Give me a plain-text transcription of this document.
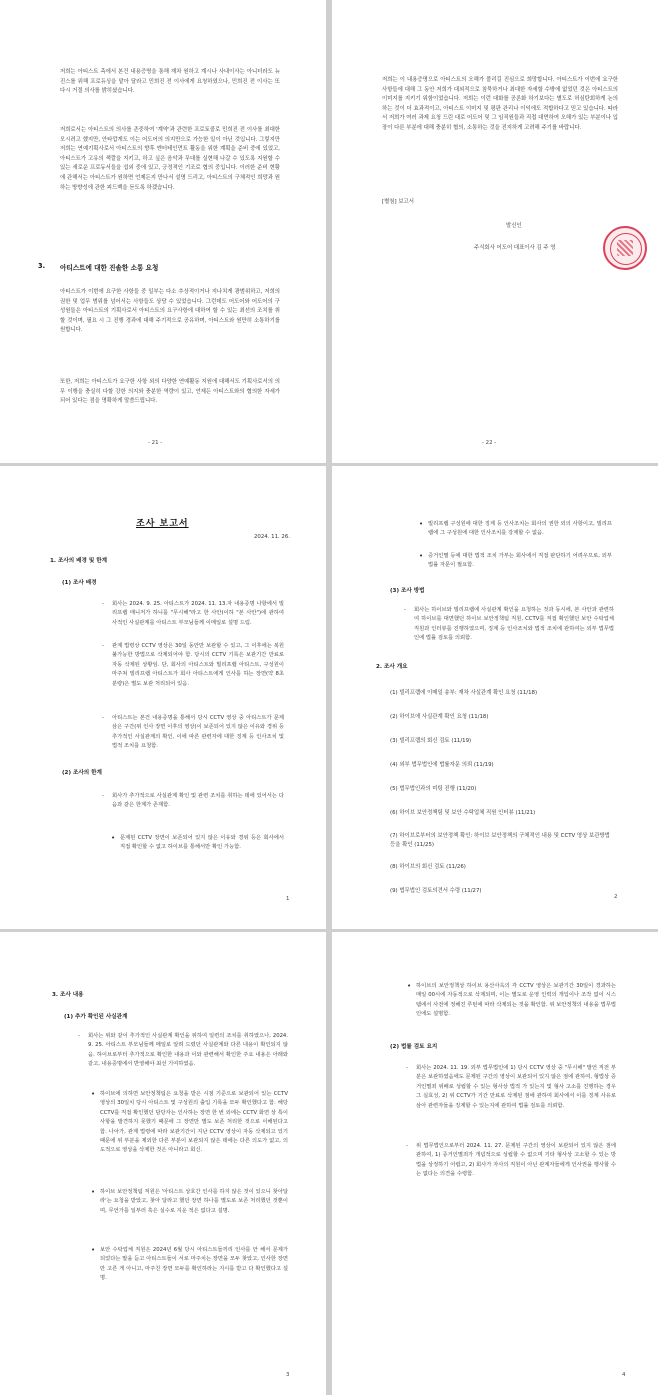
저희는 아티스트 측에서 본건 내용증명을 통해 재차 원하고 계시나 사내이사는 아니더라도 뉴진스를 위해 프로듀싱을 맡아 달라고 민희진 전 이사에게 요청하였으나, 민희진 전 이사는 또 다시 거절 의사를 밝히셨습니다.

저희로서는 아티스트의 의사를 존중하여 '계약'과 관련한 프로토콜로 민희진 전 이사를 최대한 모시려고 했지만, 안타깝게도 이는 어도어의 의지만으로 가능한 일이 아닌 것입니다. 그렇지만 저희는 연예기획사로서 아티스트의 향후 엔터테인먼트 활동을 위한 계획을 준비 중에 있었고, 아티스트가 고유의 색깔을 지키고, 하고 싶은 음악과 무대를 실현해 나갈 수 있도록 지원할 수 있는 새로운 프로듀서들을 섭외 중에 있고, 긍정적인 기조로 협의 중입니다. 이러한 준비 현황에 관해서는 아티스트가 원하면 언제든지 만나서 설명 드리고, 아티스트의 구체적인 희망과 원하는 방향성에 관한 피드백을 듣도록 하겠습니다.

3. 아티스트에 대한 진솔한 소통 요청

아티스트가 이번에 요구한 사항들 중 일부는 다소 추상적이거나 지나치게 광범위하고, 저희의 권한 및 업무 범위를 넘어서는 사항들도 상당 수 있었습니다. 그런데도 어도어와 어도어의 구성원들은 아티스트의 기획사로서 아티스트의 요구사항에 대하여 할 수 있는 최선의 조치를 취할 것이며, 필요 시 그 진행 경과에 대해 주기적으로 공유하며, 아티스트와 원만히 소통하기를 원합니다.

또한, 저희는 아티스트가 요구한 사항 외의 다양한 연예활동 지원에 대해서도 기획사로서의 의무 이행을 충실히 다할 강한 의지와 충분한 역량이 있고, 언제든 아티스트와의 협의한 자세가 되어 있다는 점을 명확하게 말씀드립니다.

- 21 -

저희는 이 내용증명으로 아티스트의 오해가 풀리길 진심으로 희망합니다. 아티스트가 이번에 요구한 사항들에 대해 그 동안 저희가 대외적으로 침묵하거나 최대한 자세할 수밖에 없었던 것은 아티스트의 이미지를 지키기 위함이었습니다. 저희는 이런 대화를 공론화 하기보다는 별도로 허심탄회하게 논의하는 것이 더 효과적이고, 아티스트 이미지 및 평판 관리나 이익에도 적합하다고 믿고 있습니다. 따라서 저희가 여러 과제 요청 드린 대로 어도어 및 그 임직원들과 직접 대면하여 오해가 있는 부분이나 입장이 다른 부분에 대해 충분히 협의, 소통하는 것을 진지하게 고려해 주기를 바랍니다.

[별첨] 보고서
발신인
주식회사 어도어 대표이사 김 주 영
- 22 -
조사 보고서
2024. 11. 26.
1. 조사의 배경 및 한계
(1) 조사 배경

- 회사는 2024. 9. 25. 아티스트가 2024. 11. 13.자 내용증명 나항에서 빌리프랩 매니저가 하니를 "무시해"라고 한 사안(이하 "본 사안")에 관하여 사적인 사실관계를 아티스트 부모님들께 이메일로 설명 드림.

- 관계 법령상 CCTV 영상은 30일 동안만 보관할 수 있고, 그 이후에는 복원 불가능한 방법으로 삭제되어야 함. 당시의 CCTV 기록은 보관기간 만료로 자동 삭제된 상황임. 단, 회사의 아티스트와 빌리프랩 아티스트, 구성원이 마주쳐 빌리프랩 아티스트가 회사 아티스트에게 인사를 하는 장면(약 8초 분량)은 별도 보관 처리되어 있음.

- 아티스트는 본건 내용증명을 통해서 당시 CCTV 영상 중 아티스트가 문제 삼은 구간(위 인사 장면 이후의 영상)이 보존되어 있지 않은 이유와 경위 등 추가적인 사실관계의 확인, 이에 따른 관련자에 대한 징계 등 인사조치 및 법적 조치를 요청함.

(2) 조사의 한계

- 회사가 추가적으로 사실관계 확인 및 관련 조치를 취하는 데에 있어서는 다음과 같은 한계가 존재함.

• 문제된 CCTV 장면이 보존되어 있지 않은 이유와 경위 등은 회사에서 직접 확인할 수 없고 하이브를 통해서만 확인 가능함.

1

• 빌리프랩 구성원에 대한 징계 등 인사조치는 회사의 권한 외의 사항이고, 빌리프랩에 그 구성원에 대한 인사조치를 강제할 수 없음.

• 증거인멸 등에 대한 법적 조치 가부는 회사에서 직접 판단하기 어려우므로, 외부 법률 자문이 필요함.

(3) 조사 방법

- 회사는 하이브와 빌리프랩에 사실관계 확인을 요청하는 것과 동시에, 본 사안과 관련하여 하이브를 대면했던 하이브 보안정책팀 직원, CCTV를 직접 확인했던 보안 수탁업체 직원과 인터뷰를 진행하였으며, 징계 등 인사조치와 법적 조치에 관하여는 외부 법무법인에 법률 검토를 의뢰함.

2. 조사 개요
(1) 빌리프랩에 이메일 송부: 재차 사실관계 확인 요청 (11/18)
(2) 하이브에 사실관계 확인 요청 (11/18)
(3) 빌리프랩의 회신 검토 (11/19)
(4) 외부 법무법인에 법률자문 의뢰 (11/19)
(5) 법무법인과의 미팅 진행 (11/20)
(6) 하이브 보안정책팀 및 보안 수탁업체 직원 인터뷰 (11/21)
(7) 하이브로부터의 보안정책 확인: 하이브 보안정책의 구체적인 내용 및 CCTV 영상 보관방법 등을 확인 (11/25)
(8) 하이브의 회신 검토 (11/26)
(9) 법무법인 검토의견서 수령 (11/27)
2
3. 조사 내용
(1) 추가 확인된 사실관계

- 회사는 위와 같이 추가적인 사실관계 확인을 위하여 일련의 조치를 취하였으나, 2024. 9. 25. 아티스트 부모님들께 메일로 알려 드렸던 사실관계와 다른 내용이 확인되지 않음. 하이브로부터 추가적으로 확인한 내용과 이와 관련해서 확인한 주요 내용은 아래와 같고, 내용증명에서 반영해야 최선 기여하였음.

• 하이브에 의하면 보안정책팀은 요청을 받은 시점 기준으로 보관되어 있는 CCTV 영상의 30일치 당시 아티스트 및 구성원의 출입 기록을 모두 확인했다고 함. 해당 CCTV를 직접 확인했던 담당자는 인사하는 장면 한 번 외에는 CCTV 화면 상 특이사항을 발견하지 못했기 때문에 그 장면만 별도 보존 처리한 것으로 이해된다고 함. 나아가, 관계 법령에 따라 보관기간이 지난 CCTV 영상이 자동 삭제되고 있기 때문에 위 부분을 제외한 다른 부분이 보관되지 않은 데에는 다른 의도가 없고, 의도적으로 영상을 삭제한 것은 아니라고 회신.

• 하이브 보안정책팀 직원은 '아티스트 상호간 인사를 하지 않은 것이 있으니 찾아달라'는 요청을 받았고, 찾아 달라고 했던 장면 하나를 별도로 보존 처리했던 것뿐이며, 무언가를 일부러 혹은 실수로 지운 적은 없다고 설명.

• 보안 수탁업체 직원은 2024년 6월 당시 아티스트들끼리 인사를 안 해서 문제가 되었다는 말을 듣고 아티스트들이 서로 마주치는 장면을 모두 찾았고, 인사한 장면만 고른 게 아니고, 마주친 장면 모두를 확인하라는 지시를 받고 다 확인했다고 설명.

3

• 하이브의 보안정책상 하이브 용산사옥의 각 CCTV 영상은 보관기간 30일이 경과하는 매일 00시에 자동적으로 삭제되며, 이는 별도로 운영 인력의 개입이나 조작 없이 시스템에서 사전에 정해진 루틴에 따라 삭제되는 것을 확인함. 위 보안정책의 내용을 법무법인에도 설명함.

(2) 법률 검토 요지

- 회사는 2024. 11. 19. 외부 법무법인에 1) 당시 CCTV 영상 중 "무시해" 발언 직전 부분은 보관하였음에도 문제된 구간의 영상이 보관되어 있지 않은 점에 관하여, 형법상 증거인멸죄 위배로 성립할 수 있는 형사상 법적 가 있는지 및 형사 고소를 진행하는 경우 그 실효성, 2) 위 CCTV가 기간 만료로 삭제된 점에 관하여 회사에서 이를 징계 사유로 삼아 관련자들을 징계할 수 있는지에 관하여 법률 검토를 의뢰함.

- 위 법무법인으로부터 2024. 11. 27. 문제된 구간의 영상이 보관되어 있지 않은 점에 관하여, 1) 증거인멸죄가 개념적으로 성립할 수 없으며 기타 형사상 고소할 수 있는 방법을 상정하기 어렵고, 2) 회사가 자사의 직원이 아닌 관계자들에게 인사권을 행사할 수는 없다는 의견을 수령함.

4
